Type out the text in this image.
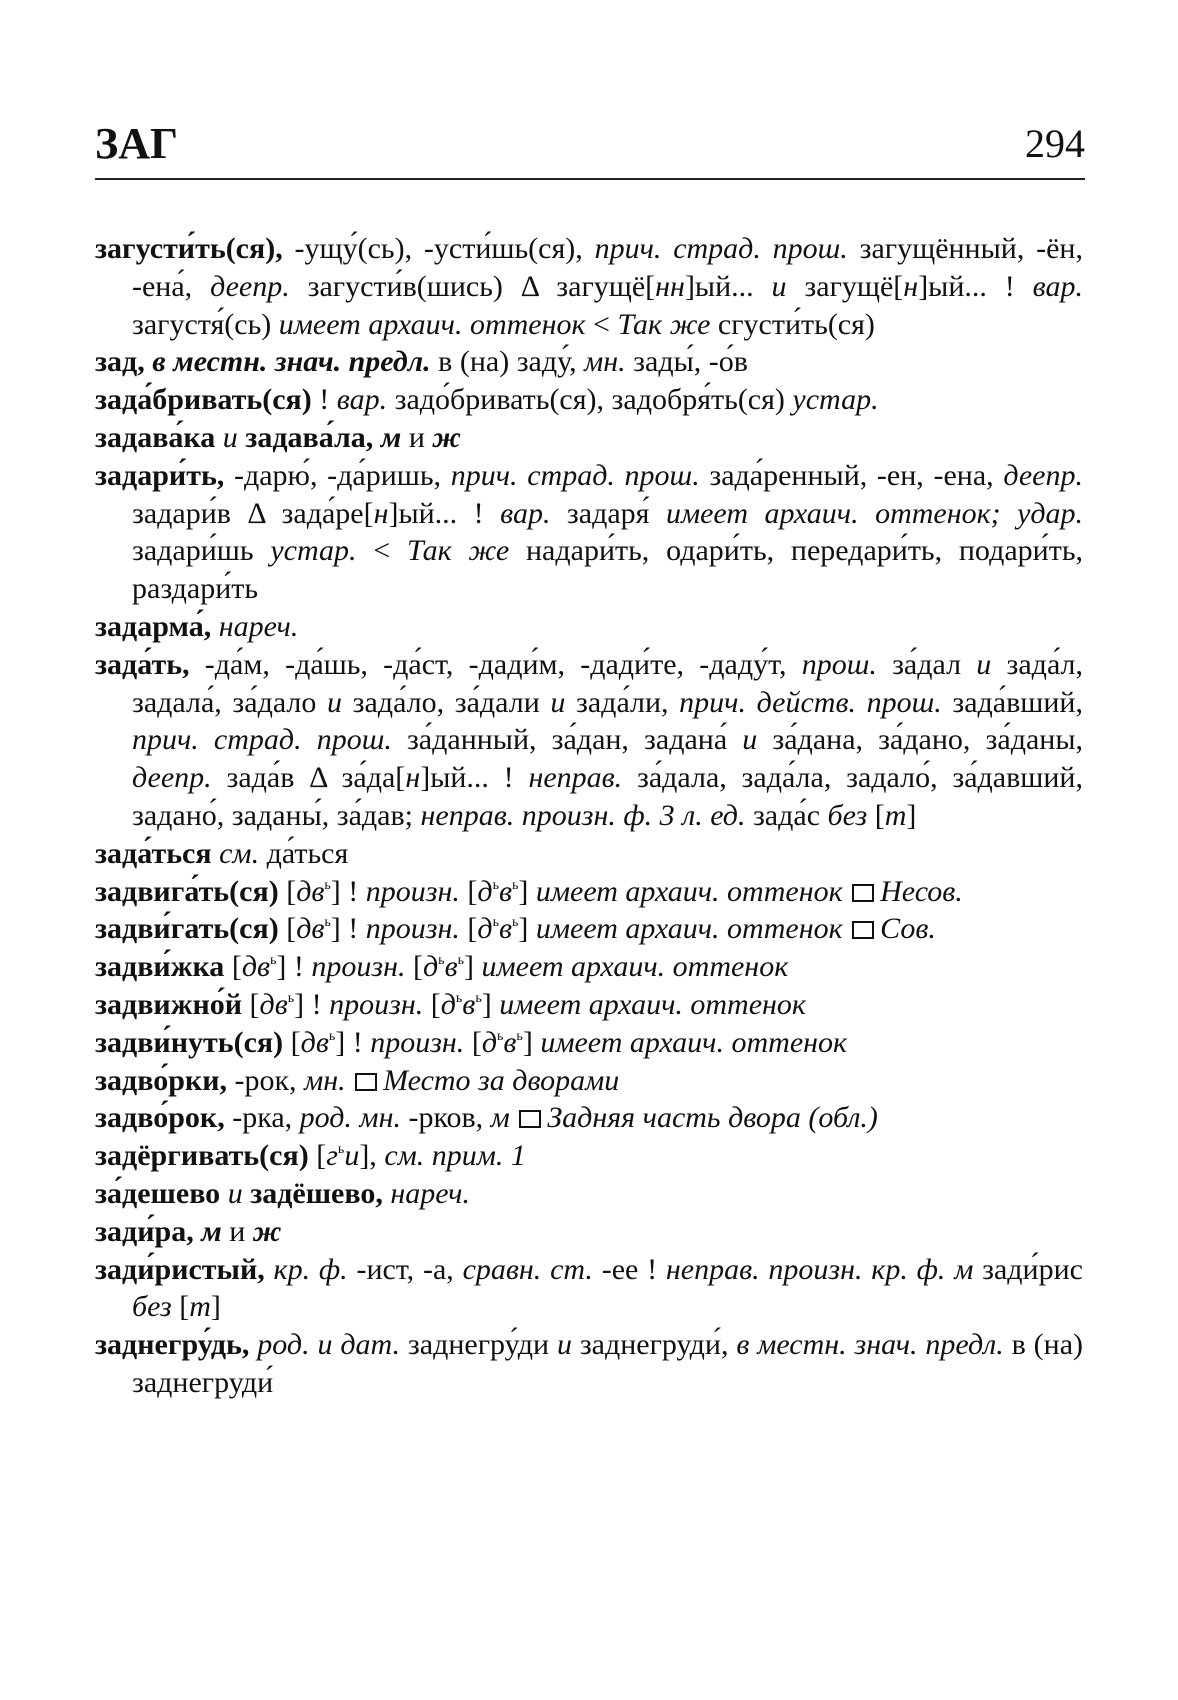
ЗАГ	294

загусти́ть(ся), -ущу́(сь), -усти́шь(ся), прич. страд. прош. загущённый, -ён, -ена́, деепр. загусти́в(шись) Δ загущё[нн]ый... и загущё[н]ый... ! вар. загустя́(сь) имеет архаич. оттенок < Так же сгусти́ть(ся)

зад, в местн. знач. предл. в (на) заду́, мн. зады́, -о́в

зада́бривать(ся) ! вар. задо́бривать(ся), задобря́ть(ся) устар.

задава́ка и задава́ла, м и ж

задари́ть, -дарю́, -да́ришь, прич. страд. прош. зада́ренный, -ен, -ена, деепр. задари́в Δ зада́ре[н]ый... ! вар. задаря́ имеет архаич. оттенок; удар. задари́шь устар. < Так же надари́ть, одари́ть, передари́ть, подари́ть, раздари́ть

задарма́, нареч.

зада́ть, -да́м, -да́шь, -да́ст, -дади́м, -дади́те, -даду́т, прош. за́дал и зада́л, задала́, за́дало и зада́ло, за́дали и зада́ли, прич. действ. прош. зада́вший, прич. страд. прош. за́данный, за́дан, задана́ и за́дана, за́дано, за́даны, деепр. зада́в Δ за́да[н]ый... ! неправ. за́дала, зада́ла, задало́, за́давший, задано́, заданы́, за́дав; неправ. произн. ф. 3 л. ед. зада́с без [т]

зада́ться см. да́ться

задвига́ть(ся) $[дв^ь]$ ! произн. $[д^ьв^ь]$ имеет архаич. оттенок Несов.

задви́гать(ся) $[дв^ь]$ ! произн. $[д^ьв^ь]$ имеет архаич. оттенок Сов.

задви́жка $[дв^ь]$ ! произн. $[д^ьв^ь]$ имеет архаич. оттенок

задвижно́й $[дв^ь]$ ! произн. $[д^ьв^ь]$ имеет архаич. оттенок

задви́нуть(ся) $[дв^ь]$ ! произн. $[д^ьв^ь]$ имеет архаич. оттенок

задво́рки, -рок, мн. Место за дворами

задво́рок, -рка, род. мн. -рков, м Задняя часть двора (обл.)

задёргивать(ся) $[г^ьи]$, см. прим. 1

за́дешево и задёшево, нареч.

зади́ра, м и ж

зади́ристый, кр. ф. -ист, -а, сравн. ст. -ее ! неправ. произн. кр. ф. м зади́рис без [т]

заднегру́дь, род. и дат. заднегру́ди и заднегруди́, в местн. знач. предл. в (на) заднегруди́
